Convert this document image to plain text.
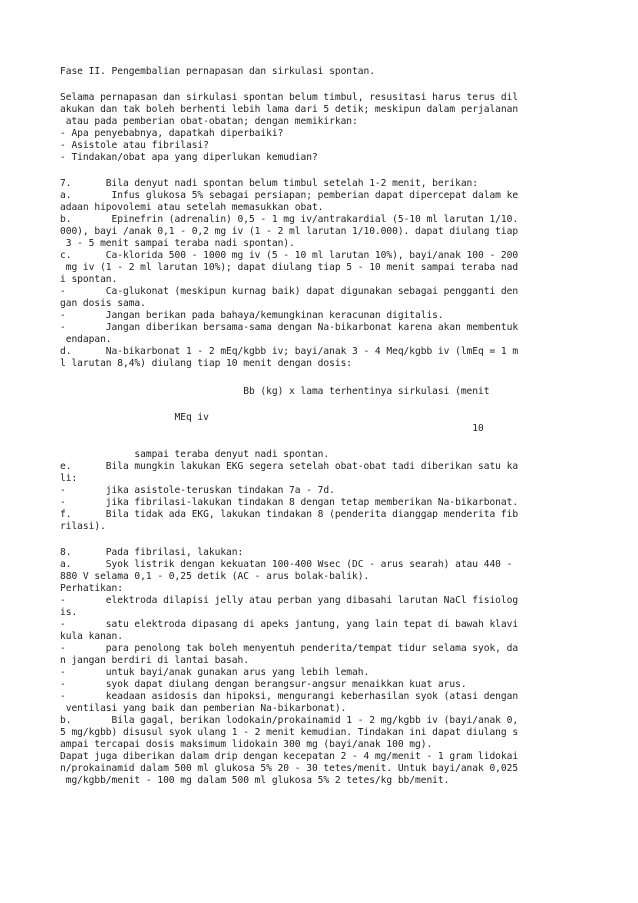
Fase II. Pengembalian pernapasan dan sirkulasi spontan.
Selama pernapasan dan sirkulasi spontan belum timbul, resusitasi harus terus dil
akukan dan tak boleh berhenti lebih lama dari 5 detik; meskipun dalam perjalanan
atau pada pemberian obat-obatan; dengan memikirkan:
- Apa penyebabnya, dapatkah diperbaiki?
- Asistole atau fibrilasi?
- Tindakan/obat apa yang diperlukan kemudian?
7.      Bila denyut nadi spontan belum timbul setelah 1-2 menit, berikan:
a.       Infus glukosa 5% sebagai persiapan; pemberian dapat dipercepat dalam ke
adaan hipovolemi atau setelah memasukkan obat.
b.       Epinefrin (adrenalin) 0,5 - 1 mg iv/antrakardial (5-10 ml larutan 1/10.
000), bayi /anak 0,1 - 0,2 mg iv (1 - 2 ml larutan 1/10.000). dapat diulang tiap
3 - 5 menit sampai teraba nadi spontan).
c.      Ca-klorida 500 - 1000 mg iv (5 - 10 ml larutan 10%), bayi/anak 100 - 200
mg iv (1 - 2 ml larutan 10%); dapat diulang tiap 5 - 10 menit sampai teraba nad
i spontan.
-       Ca-glukonat (meskipun kurnag baik) dapat digunakan sebagai pengganti den
gan dosis sama.
-       Jangan berikan pada bahaya/kemungkinan keracunan digitalis.
-       Jangan diberikan bersama-sama dengan Na-bikarbonat karena akan membentuk
endapan.
d.      Na-bikarbonat 1 - 2 mEq/kgbb iv; bayi/anak 3 - 4 Meq/kgbb iv (lmEq = 1 m
l larutan 8,4%) diulang tiap 10 menit dengan dosis:
Bb (kg) x lama terhentinya sirkulasi (menit
MEq iv
10
sampai teraba denyut nadi spontan.
e.      Bila mungkin lakukan EKG segera setelah obat-obat tadi diberikan satu ka
li:
-       jika asistole-teruskan tindakan 7a - 7d.
-       jika fibrilasi-lakukan tindakan 8 dengan tetap memberikan Na-bikarbonat.
f.      Bila tidak ada EKG, lakukan tindakan 8 (penderita dianggap menderita fib
rilasi).
8.      Pada fibrilasi, lakukan:
a.      Syok listrik dengan kekuatan 100-400 Wsec (DC - arus searah) atau 440 -
880 V selama 0,1 - 0,25 detik (AC - arus bolak-balik).
Perhatikan:
-       elektroda dilapisi jelly atau perban yang dibasahi larutan NaCl fisiolog
is.
-       satu elektroda dipasang di apeks jantung, yang lain tepat di bawah klavi
kula kanan.
-       para penolong tak boleh menyentuh penderita/tempat tidur selama syok, da
n jangan berdiri di lantai basah.
-       untuk bayi/anak gunakan arus yang lebih lemah.
-       syok dapat diulang dengan berangsur-angsur menaikkan kuat arus.
-       keadaan asidosis dan hipoksi, mengurangi keberhasilan syok (atasi dengan
ventilasi yang baik dan pemberian Na-bikarbonat).
b.       Bila gagal, berikan lodokain/prokainamid 1 - 2 mg/kgbb iv (bayi/anak 0,
5 mg/kgbb) disusul syok ulang 1 - 2 menit kemudian. Tindakan ini dapat diulang s
ampai tercapai dosis maksimum lidokain 300 mg (bayi/anak 100 mg).
Dapat juga diberikan dalam drip dengan kecepatan 2 - 4 mg/menit - 1 gram lidokai
n/prokainamid dalam 500 ml glukosa 5% 20 - 30 tetes/menit. Untuk bayi/anak 0,025
mg/kgbb/menit - 100 mg dalam 500 ml glukosa 5% 2 tetes/kg bb/menit.
